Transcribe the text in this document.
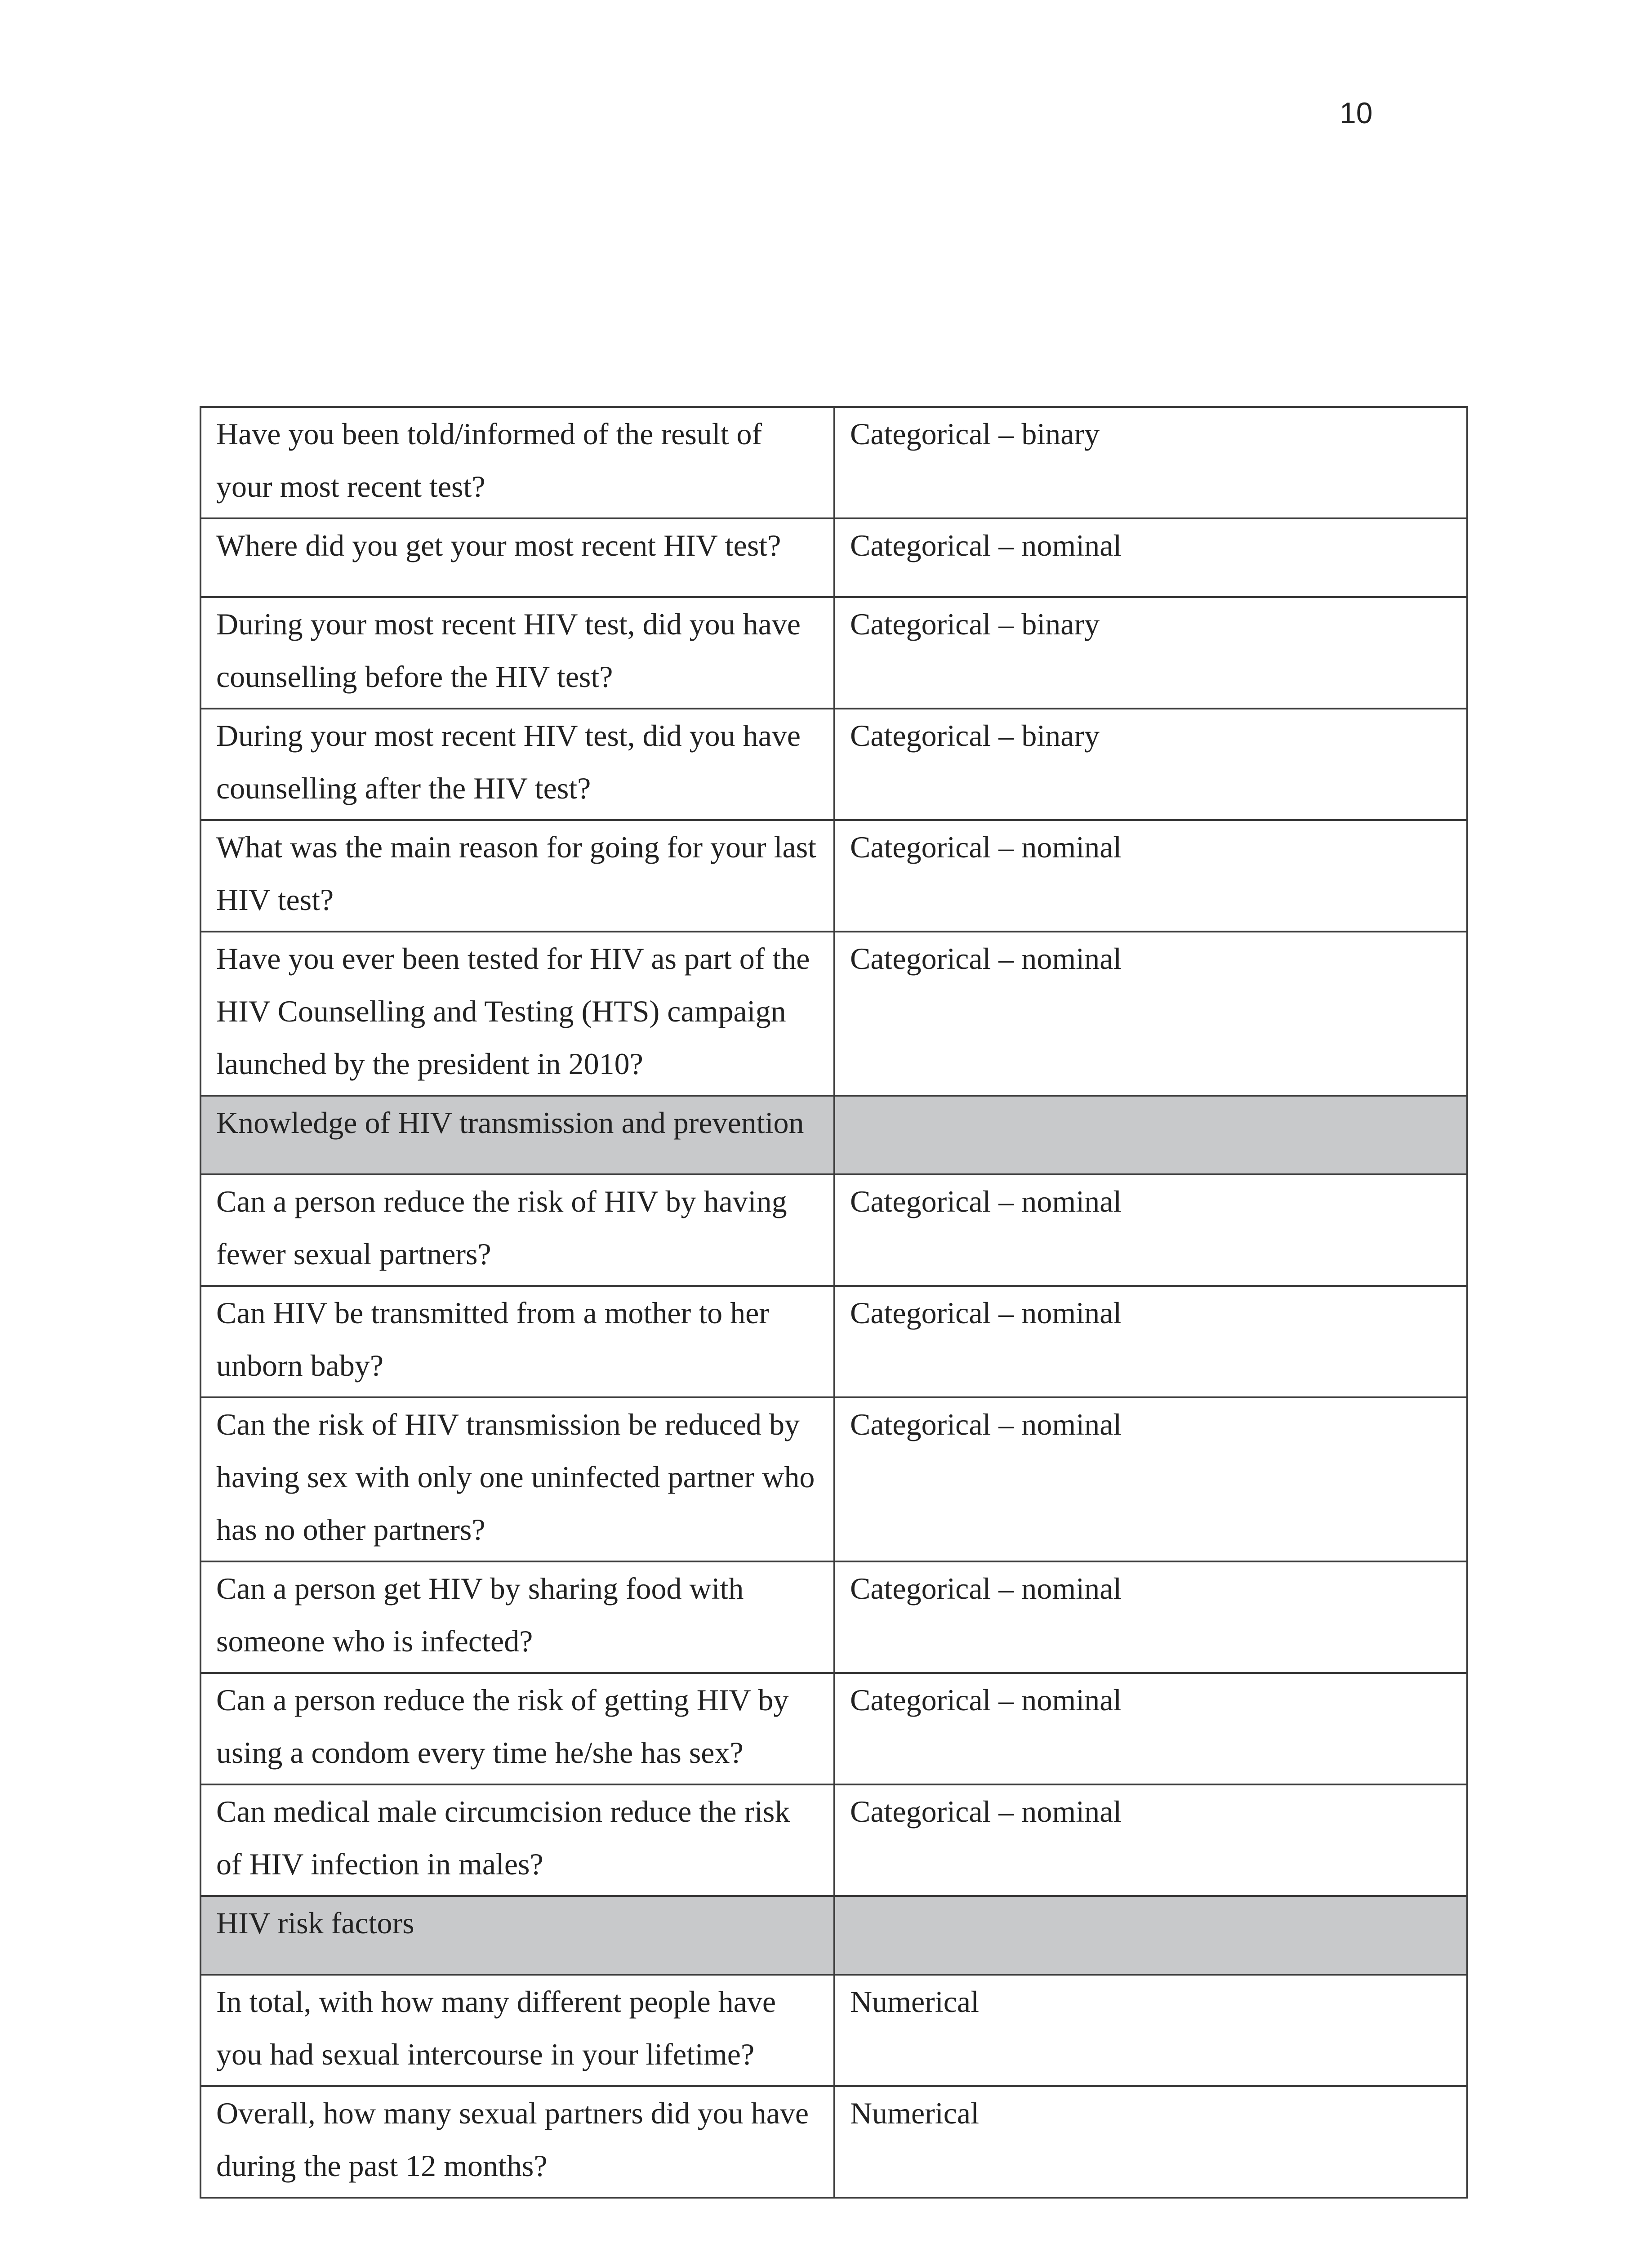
10
Have you been told/informed of the result of your most recent test?	Categorical – binary
Where did you get your most recent HIV test?	Categorical – nominal
During your most recent HIV test, did you have counselling before the HIV test?	Categorical – binary
During your most recent HIV test, did you have counselling after the HIV test?	Categorical – binary
What was the main reason for going for your last HIV test?	Categorical – nominal
Have you ever been tested for HIV as part of the HIV Counselling and Testing (HTS) campaign launched by the president in 2010?	Categorical – nominal
Knowledge of HIV transmission and prevention	
Can a person reduce the risk of HIV by having fewer sexual partners?	Categorical – nominal
Can HIV be transmitted from a mother to her unborn baby?	Categorical – nominal
Can the risk of HIV transmission be reduced by having sex with only one uninfected partner who has no other partners?	Categorical – nominal
Can a person get HIV by sharing food with someone who is infected?	Categorical – nominal
Can a person reduce the risk of getting HIV by using a condom every time he/she has sex?	Categorical – nominal
Can medical male circumcision reduce the risk of HIV infection in males?	Categorical – nominal
HIV risk factors	
In total, with how many different people have you had sexual intercourse in your lifetime?	Numerical
Overall, how many sexual partners did you have during the past 12 months?	Numerical
